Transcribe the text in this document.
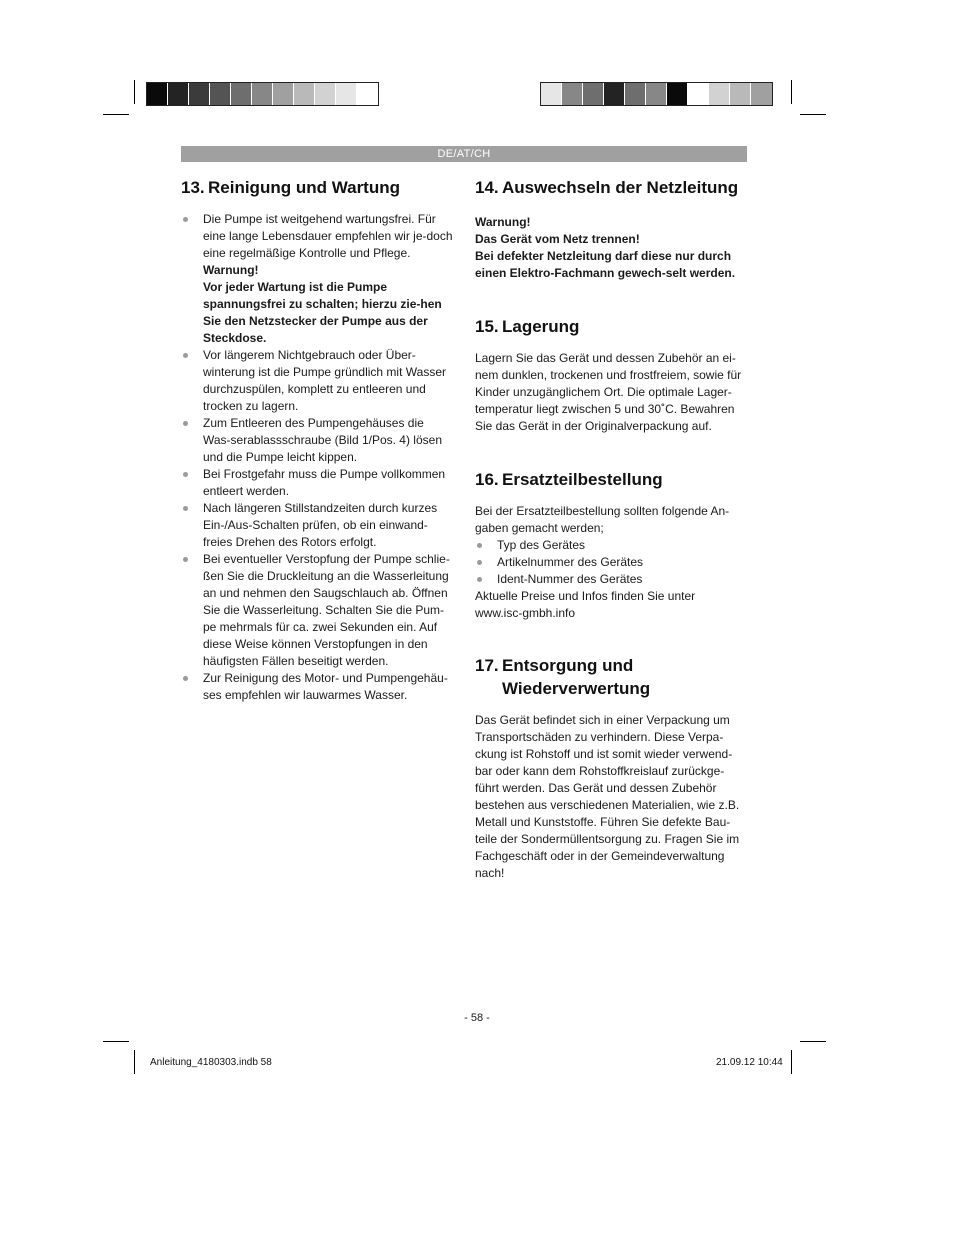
DE/AT/CH
13. Reinigung und Wartung
Die Pumpe ist weitgehend wartungsfrei. Für eine lange Lebensdauer empfehlen wir je-doch eine regelmäßige Kontrolle und Pflege.
Warnung!
Vor jeder Wartung ist die Pumpe spannungsfrei zu schalten; hierzu zie-hen Sie den Netzstecker der Pumpe aus der Steckdose.
Vor längerem Nichtgebrauch oder Über-winterung ist die Pumpe gründlich mit Wasser durchzuspülen, komplett zu entleeren und trocken zu lagern.
Zum Entleeren des Pumpengehäuses die Was-serablassschraube (Bild 1/Pos. 4) lösen und die Pumpe leicht kippen.
Bei Frostgefahr muss die Pumpe vollkommen entleert werden.
Nach längeren Stillstandzeiten durch kurzes Ein-/Aus-Schalten prüfen, ob ein einwand-freies Drehen des Rotors erfolgt.
Bei eventueller Verstopfung der Pumpe schlie-ßen Sie die Druckleitung an die Wasserleitung an und nehmen den Saugschlauch ab. Öffnen Sie die Wasserleitung. Schalten Sie die Pum-pe mehrmals für ca. zwei Sekunden ein. Auf diese Weise können Verstopfungen in den häufigsten Fällen beseitigt werden.
Zur Reinigung des Motor- und Pumpengehäu-ses empfehlen wir lauwarmes Wasser.
14. Auswechseln der Netzleitung

Warnung!

Das Gerät vom Netz trennen!

Bei defekter Netzleitung darf diese nur durch einen Elektro-Fachmann gewech-selt werden.

15. Lagerung

Lagern Sie das Gerät und dessen Zubehör an ei-nem dunklen, trockenen und frostfreiem, sowie für Kinder unzugänglichem Ort. Die optimale Lager-temperatur liegt zwischen 5 und 30˚C. Bewahren Sie das Gerät in der Originalverpackung auf.

16. Ersatzteilbestellung

Bei der Ersatzteilbestellung sollten folgende An-gaben gemacht werden;

Typ des Gerätes
Artikelnummer des Gerätes
Ident-Nummer des Gerätes

Aktuelle Preise und Infos finden Sie unter

www.isc-gmbh.info

17. Entsorgung und Wiederverwertung

Das Gerät befindet sich in einer Verpackung um Transportschäden zu verhindern. Diese Verpa-ckung ist Rohstoff und ist somit wieder verwend-bar oder kann dem Rohstoffkreislauf zurückge-führt werden. Das Gerät und dessen Zubehör bestehen aus verschiedenen Materialien, wie z.B. Metall und Kunststoffe. Führen Sie defekte Bau-teile der Sondermüllentsorgung zu. Fragen Sie im Fachgeschäft oder in der Gemeindeverwaltung nach!

- 58 -
Anleitung_4180303.indb 58	21.09.12 10:44
